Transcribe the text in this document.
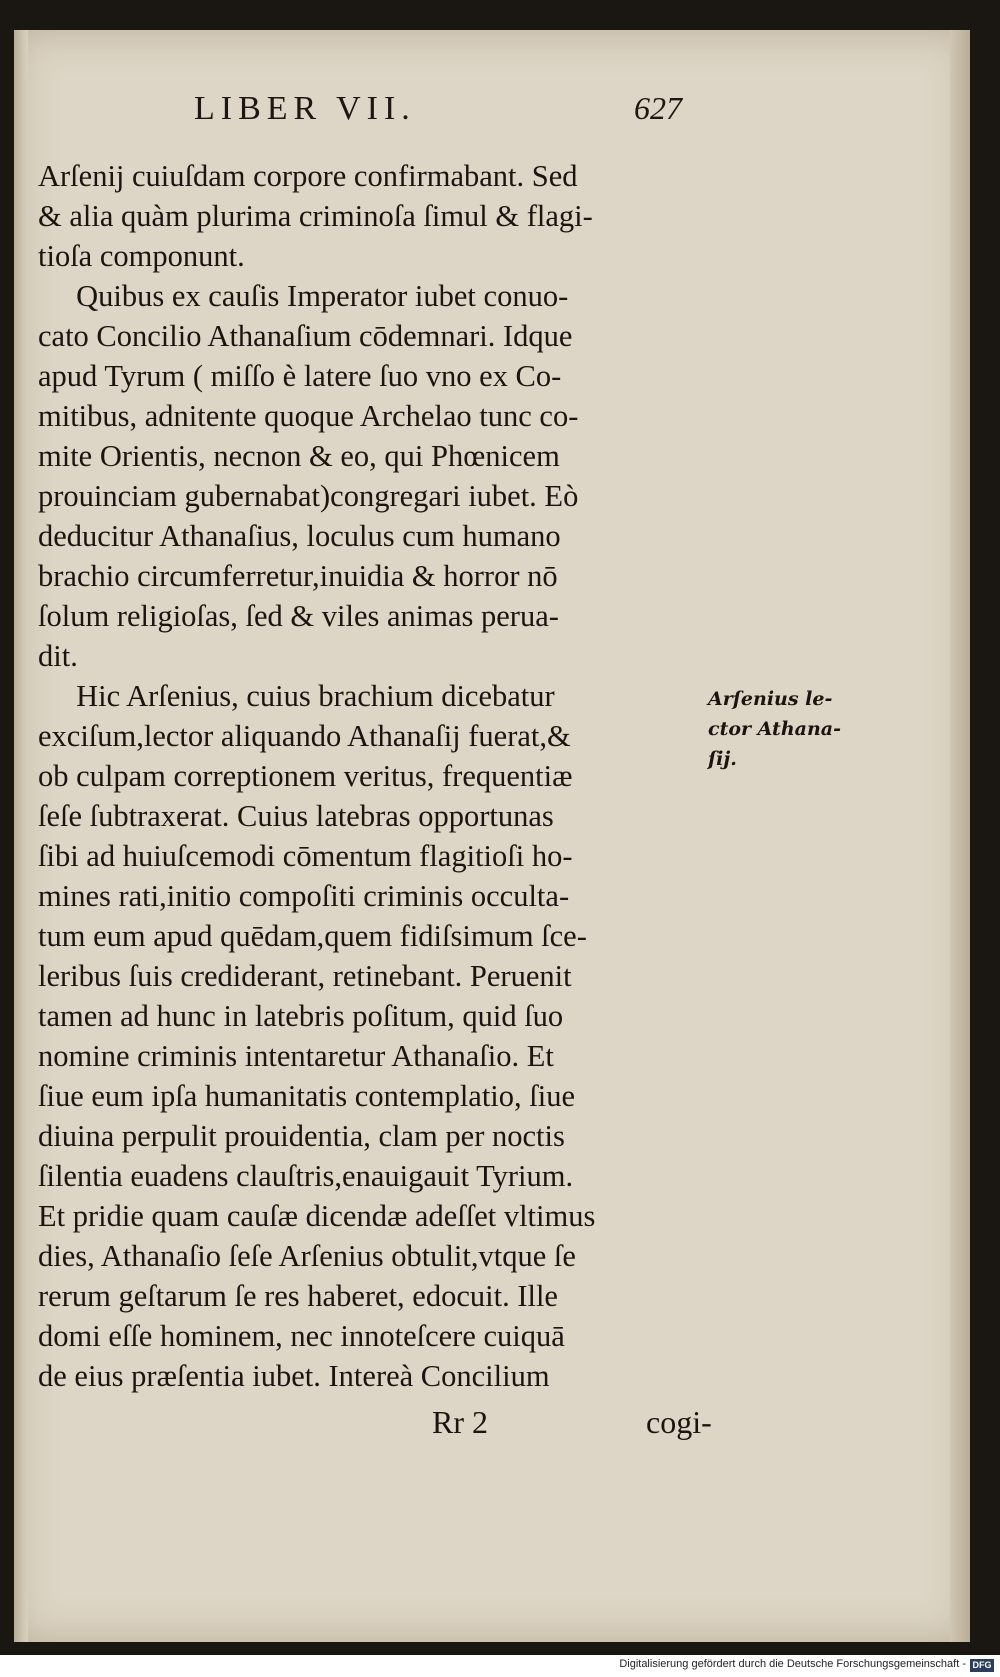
LIBER VII.	627
Arſenij cuiuſdam corpore confirmabant. Sed
& alia quàm plurima criminoſa ſimul & flagi-
tioſa componunt.
Quibus ex cauſis Imperator iubet conuo-
cato Concilio Athanaſium cōdemnari. Idque
apud Tyrum ( miſſo è latere ſuo vno ex Co-
mitibus, adnitente quoque Archelao tunc co-
mite Orientis, necnon & eo, qui Phœnicem
prouinciam gubernabat)congregari iubet. Eò
deducitur Athanaſius, loculus cum humano
brachio circumferretur,inuidia & horror nō
ſolum religioſas, ſed & viles animas perua-
dit.
Hic Arſenius, cuius brachium dicebatur
exciſum,lector aliquando Athanaſij fuerat,&
ob culpam correptionem veritus, frequentiæ
ſeſe ſubtraxerat. Cuius latebras opportunas
ſibi ad huiuſcemodi cōmentum flagitioſi ho-
mines rati,initio compoſiti criminis occulta-
tum eum apud quēdam,quem fidiſsimum ſce-
leribus ſuis crediderant, retinebant. Peruenit
tamen ad hunc in latebris poſitum, quid ſuo
nomine criminis intentaretur Athanaſio. Et
ſiue eum ipſa humanitatis contemplatio, ſiue
diuina perpulit prouidentia, clam per noctis
ſilentia euadens clauſtris,enauigauit Tyrium.
Et pridie quam cauſæ dicendæ adeſſet vltimus
dies, Athanaſio ſeſe Arſenius obtulit,vtque ſe
rerum geſtarum ſe res haberet, edocuit. Ille
domi eſſe hominem, nec innoteſcere cuiquā
de eius præſentia iubet. Intereà Concilium
Arſenius le-
ctor Athana-
ſij.
Rr 2	cogi-
Digitalisierung gefördert durch die Deutsche Forschungsgemeinschaft - DFG
